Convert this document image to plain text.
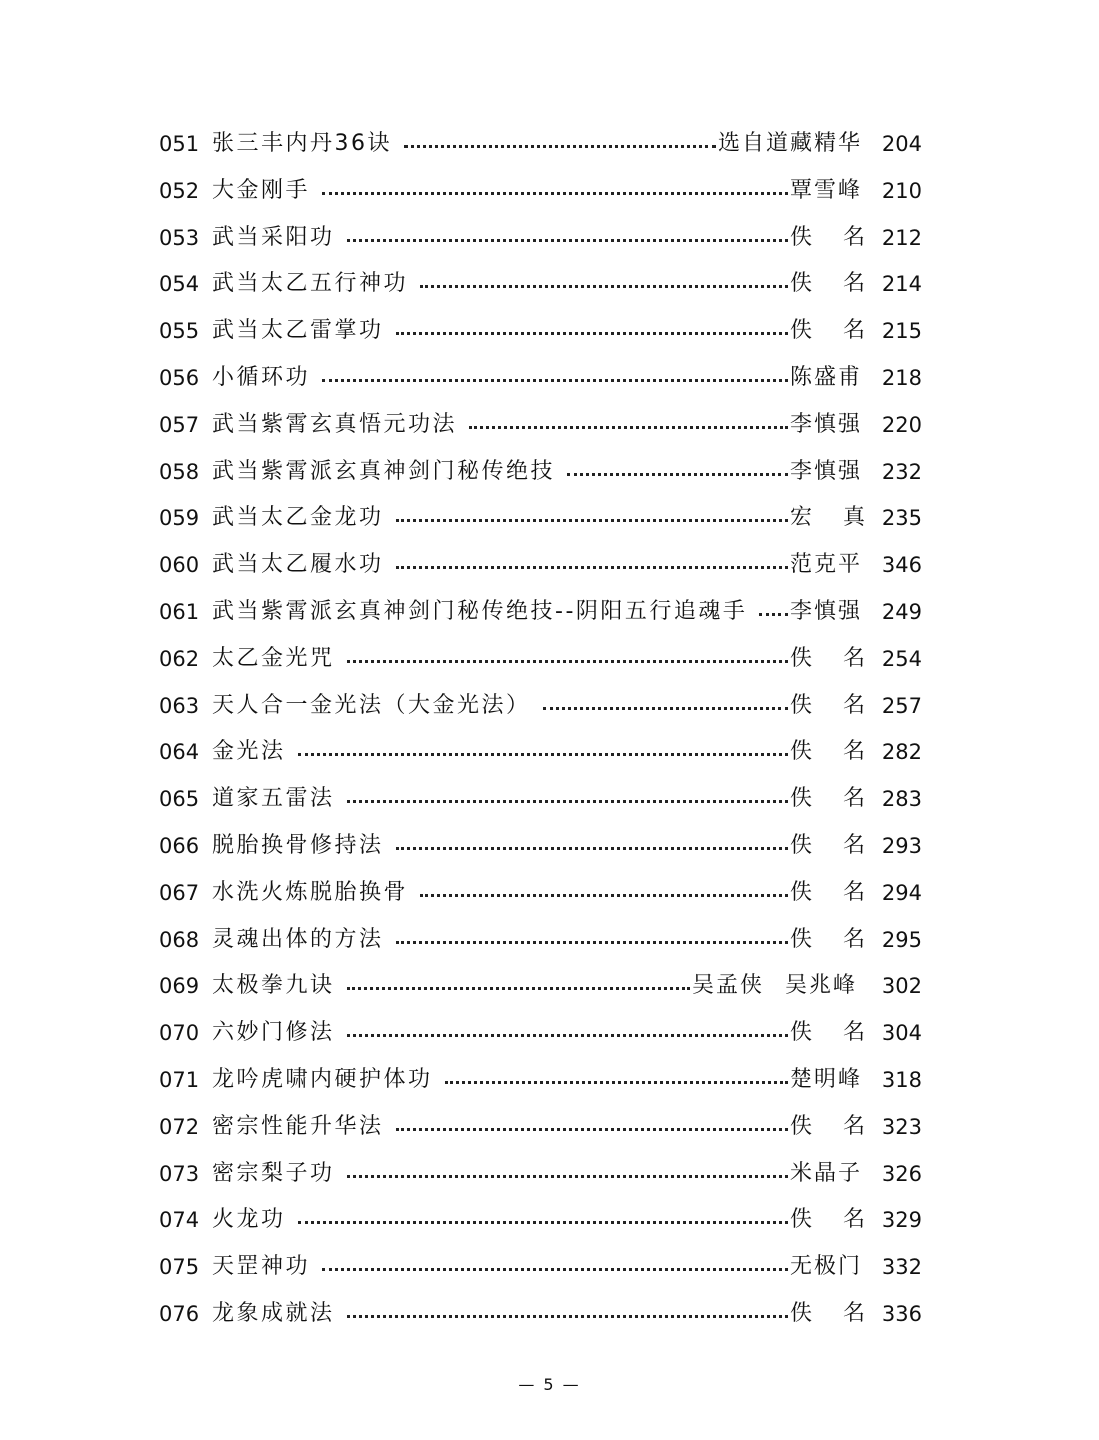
051 张三丰内丹36诀	选自道藏精华 204
052 大金刚手	覃雪峰 210
053 武当采阳功	佚 名 212
054 武当太乙五行神功	佚 名 214
055 武当太乙雷掌功	佚 名 215
056 小循环功	陈盛甫 218
057 武当紫霄玄真悟元功法	李慎强 220
058 武当紫霄派玄真神剑门秘传绝技	李慎强 232
059 武当太乙金龙功	宏 真 235
060 武当太乙履水功	范克平 346
061 武当紫霄派玄真神剑门秘传绝技--阴阳五行追魂手 李慎强 249
062 太乙金光咒	佚 名 254
063 天人合一金光法（大金光法）	佚 名 257
064 金光法	佚 名 282
065 道家五雷法	佚 名 283
066 脱胎换骨修持法	佚 名 293
067 水洗火炼脱胎换骨	佚 名 294
068 灵魂出体的方法	佚 名 295
069 太极拳九诀	吴孟侠 吴兆峰 302
070 六妙门修法	佚 名 304
071 龙吟虎啸内硬护体功	楚明峰 318
072 密宗性能升华法	佚 名 323
073 密宗梨子功	米晶子 326
074 火龙功	佚 名 329
075 天罡神功	无极门 332
076 龙象成就法	佚 名 336
— 5 —
